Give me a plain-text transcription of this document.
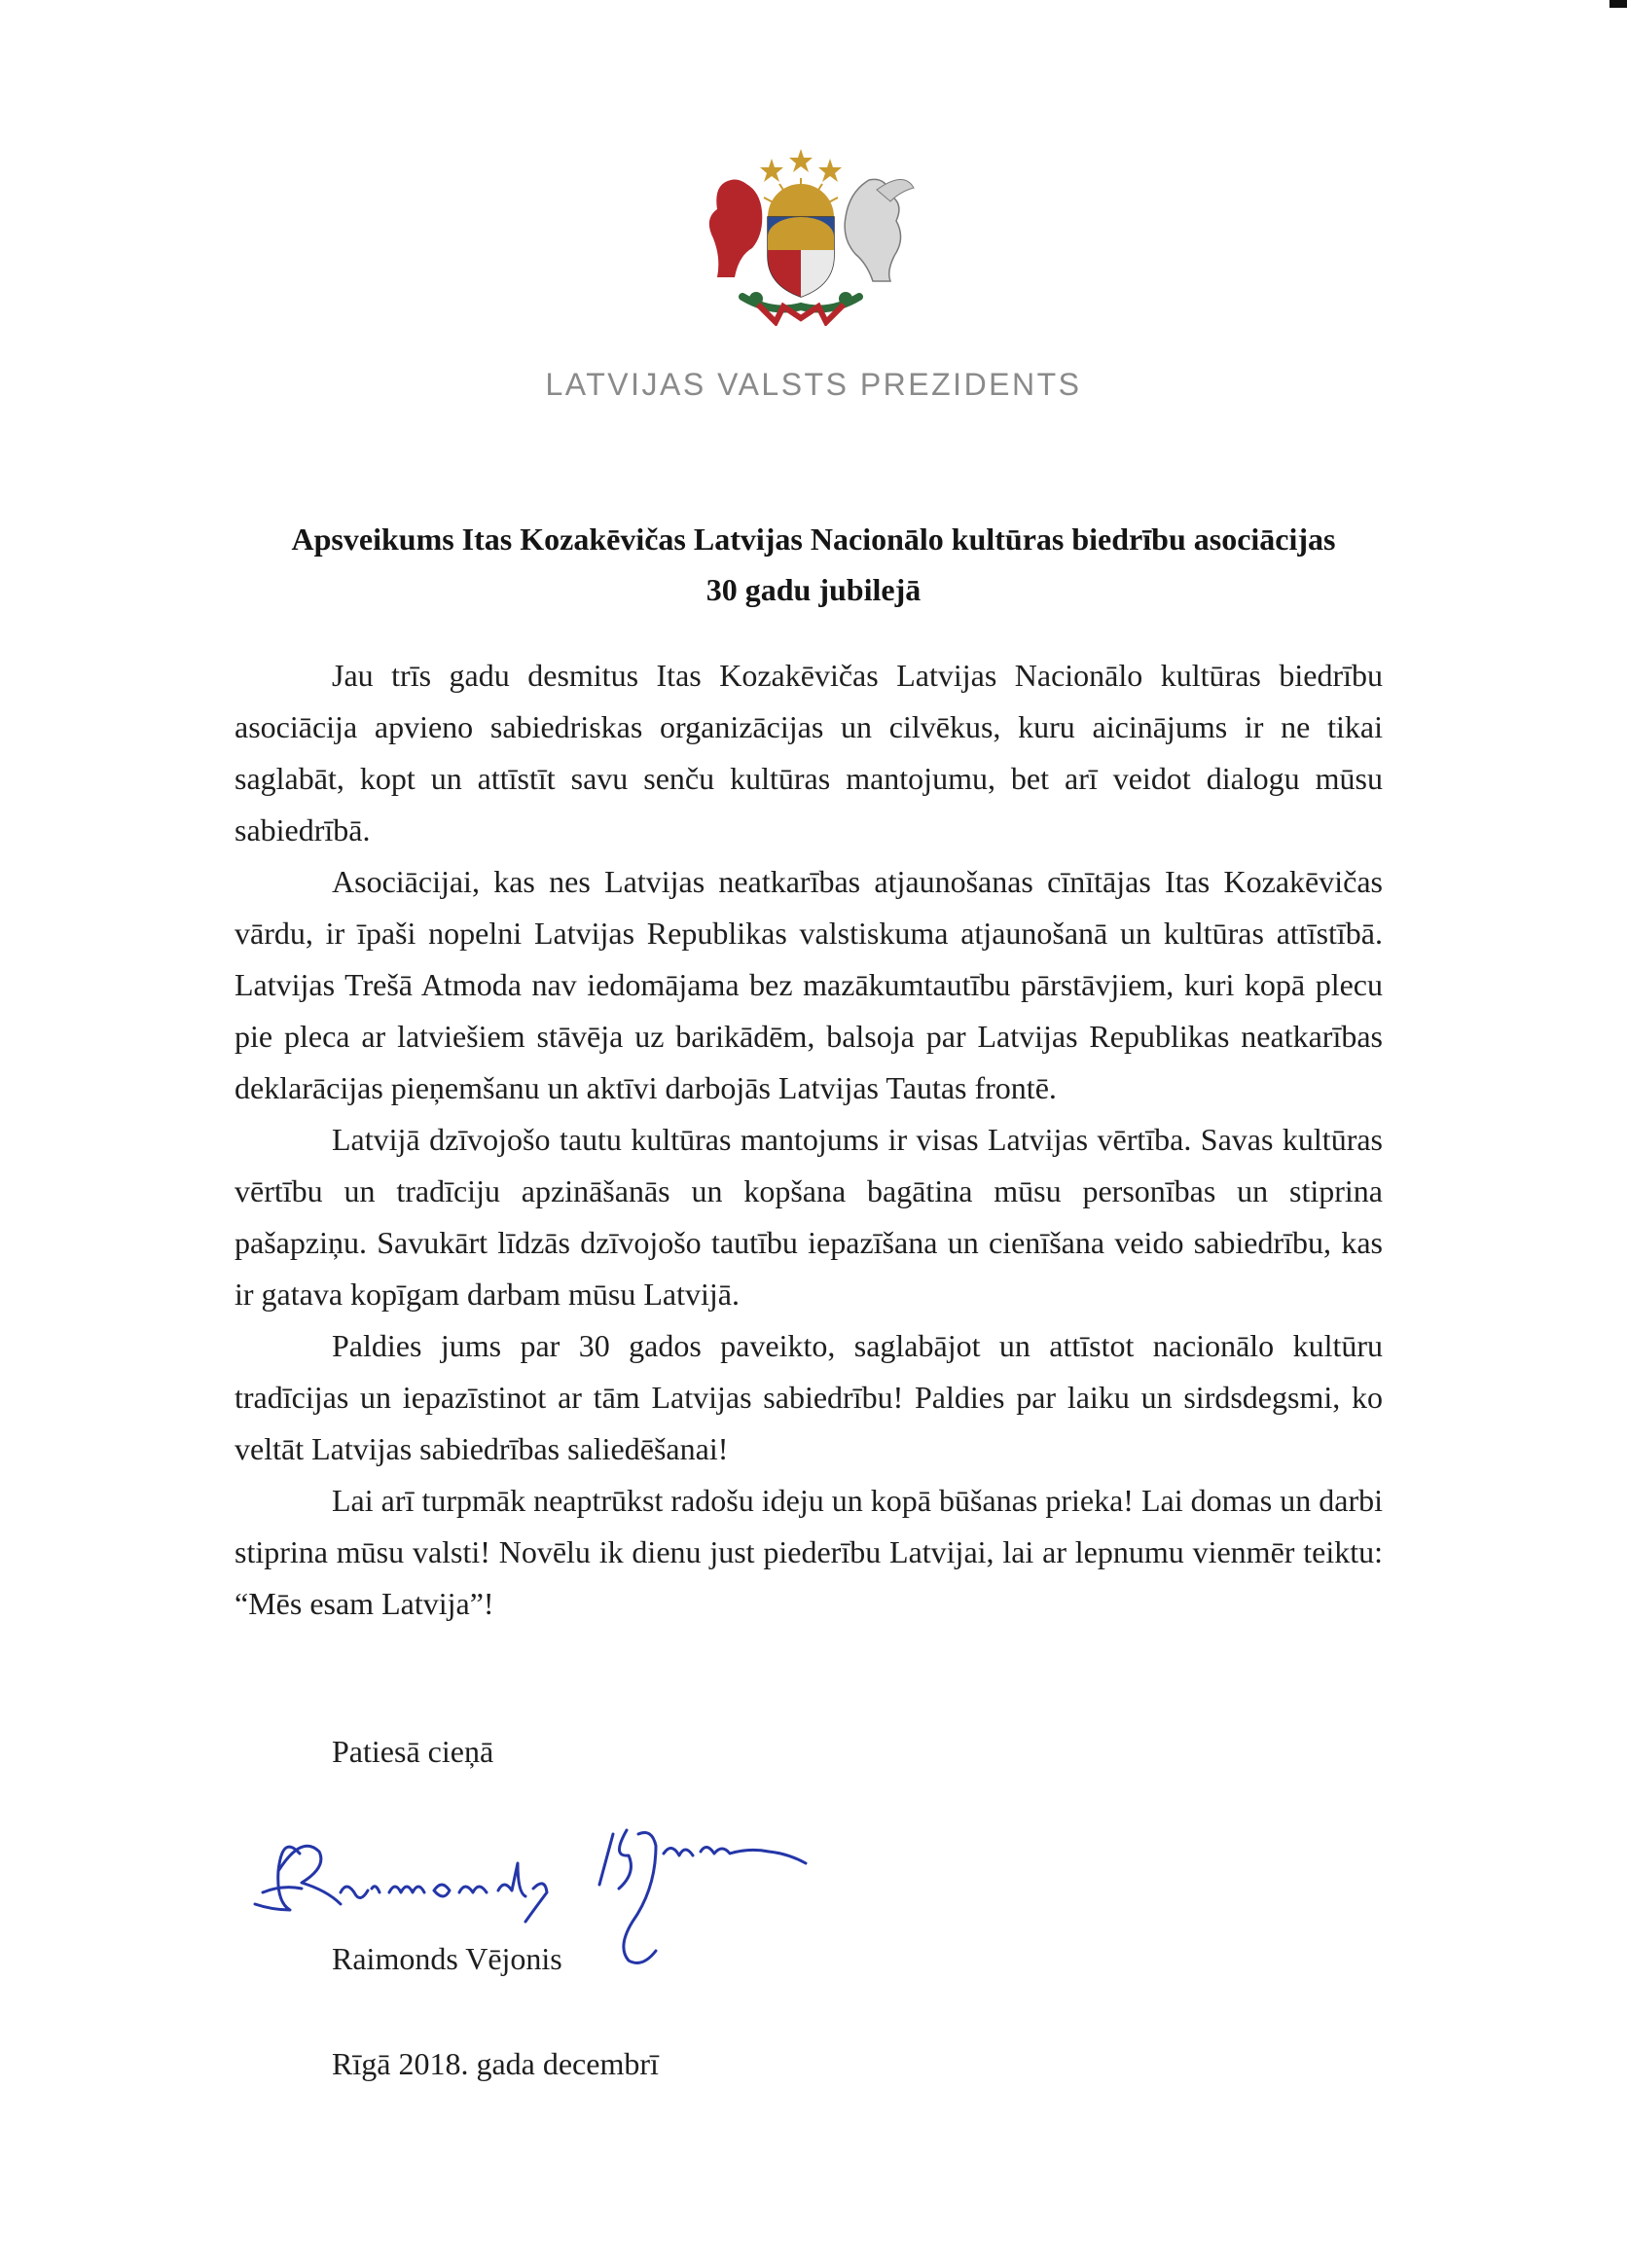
LATVIJAS VALSTS PREZIDENTS
Apsveikums Itas Kozakēvičas Latvijas Nacionālo kultūras biedrību asociācijas
30 gadu jubilejā

Jau trīs gadu desmitus Itas Kozakēvičas Latvijas Nacionālo kultūras biedrību asociācija apvieno sabiedriskas organizācijas un cilvēkus, kuru aicinājums ir ne tikai saglabāt, kopt un attīstīt savu senču kultūras mantojumu, bet arī veidot dialogu mūsu sabiedrībā.

Asociācijai, kas nes Latvijas neatkarības atjaunošanas cīnītājas Itas Kozakēvičas vārdu, ir īpaši nopelni Latvijas Republikas valstiskuma atjaunošanā un kultūras attīstībā. Latvijas Trešā Atmoda nav iedomājama bez mazākumtautību pārstāvjiem, kuri kopā plecu pie pleca ar latviešiem stāvēja uz barikādēm, balsoja par Latvijas Republikas neatkarības deklarācijas pieņemšanu un aktīvi darbojās Latvijas Tautas frontē.

Latvijā dzīvojošo tautu kultūras mantojums ir visas Latvijas vērtība. Savas kultūras vērtību un tradīciju apzināšanās un kopšana bagātina mūsu personības un stiprina pašapziņu. Savukārt līdzās dzīvojošo tautību iepazīšana un cienīšana veido sabiedrību, kas ir gatava kopīgam darbam mūsu Latvijā.

Paldies jums par 30 gados paveikto, saglabājot un attīstot nacionālo kultūru tradīcijas un iepazīstinot ar tām Latvijas sabiedrību! Paldies par laiku un sirdsdegsmi, ko veltāt Latvijas sabiedrības saliedēšanai!

Lai arī turpmāk neaptrūkst radošu ideju un kopā būšanas prieka! Lai domas un darbi stiprina mūsu valsti! Novēlu ik dienu just piederību Latvijai, lai ar lepnumu vienmēr teiktu: “Mēs esam Latvija”!

Patiesā cieņā
Raimonds Vējonis
Rīgā 2018. gada decembrī
